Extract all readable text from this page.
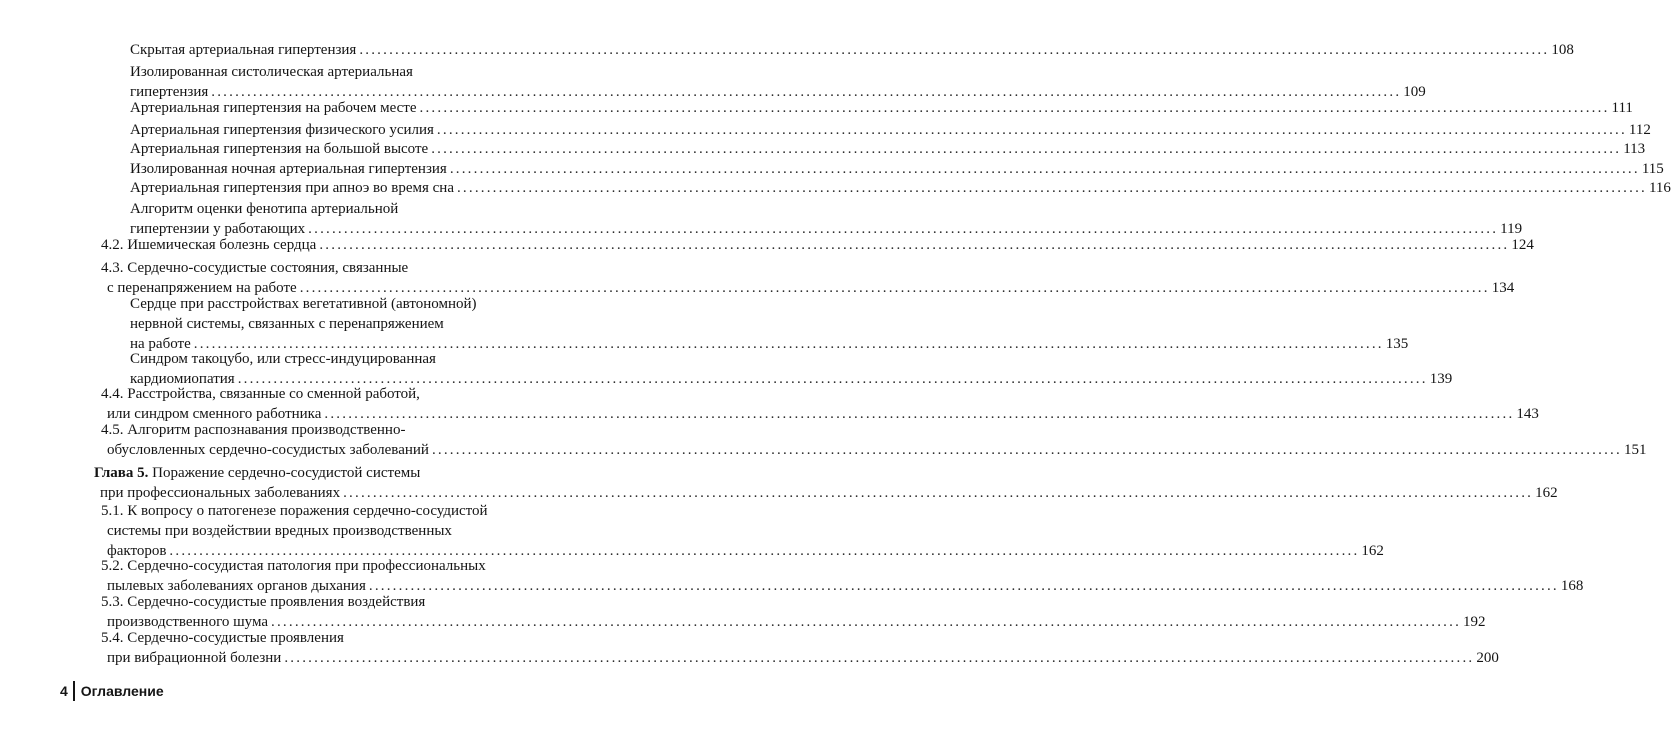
Скрытая артериальная гипертензия ........................................................................................................................................................................................................ 108
Изолированная систолическая артериальная
гипертензия ........................................................................................................................................................................................................ 109
Артериальная гипертензия на рабочем месте ........................................................................................................................................................................................................ 111
Артериальная гипертензия физического усилия ........................................................................................................................................................................................................ 112
Артериальная гипертензия на большой высоте ........................................................................................................................................................................................................ 113
Изолированная ночная артериальная гипертензия ........................................................................................................................................................................................................ 115
Артериальная гипертензия при апноэ во время сна ........................................................................................................................................................................................................ 116
Алгоритм оценки фенотипа артериальной
гипертензии у работающих ........................................................................................................................................................................................................ 119
4.2. Ишемическая болезнь сердца ........................................................................................................................................................................................................ 124
4.3. Сердечно-сосудистые состояния, связанные
с перенапряжением на работе ........................................................................................................................................................................................................ 134
Сердце при расстройствах вегетативной (автономной)
нервной системы, связанных с перенапряжением
на работе ........................................................................................................................................................................................................ 135
Синдром такоцубо, или стресс-индуцированная
кардиомиопатия ........................................................................................................................................................................................................ 139
4.4. Расстройства, связанные со сменной работой,
или синдром сменного работника ........................................................................................................................................................................................................ 143
4.5. Алгоритм распознавания производственно-
обусловленных сердечно-сосудистых заболеваний ........................................................................................................................................................................................................ 151
Глава 5. Поражение сердечно-сосудистой системы
при профессиональных заболеваниях ........................................................................................................................................................................................................ 162
5.1. К вопросу о патогенезе поражения сердечно-сосудистой
системы при воздействии вредных производственных
факторов ........................................................................................................................................................................................................ 162
5.2. Сердечно-сосудистая патология при профессиональных
пылевых заболеваниях органов дыхания ........................................................................................................................................................................................................ 168
5.3. Сердечно-сосудистые проявления воздействия
производственного шума ........................................................................................................................................................................................................ 192
5.4. Сердечно-сосудистые проявления
при вибрационной болезни ........................................................................................................................................................................................................ 200
4 Оглавление
